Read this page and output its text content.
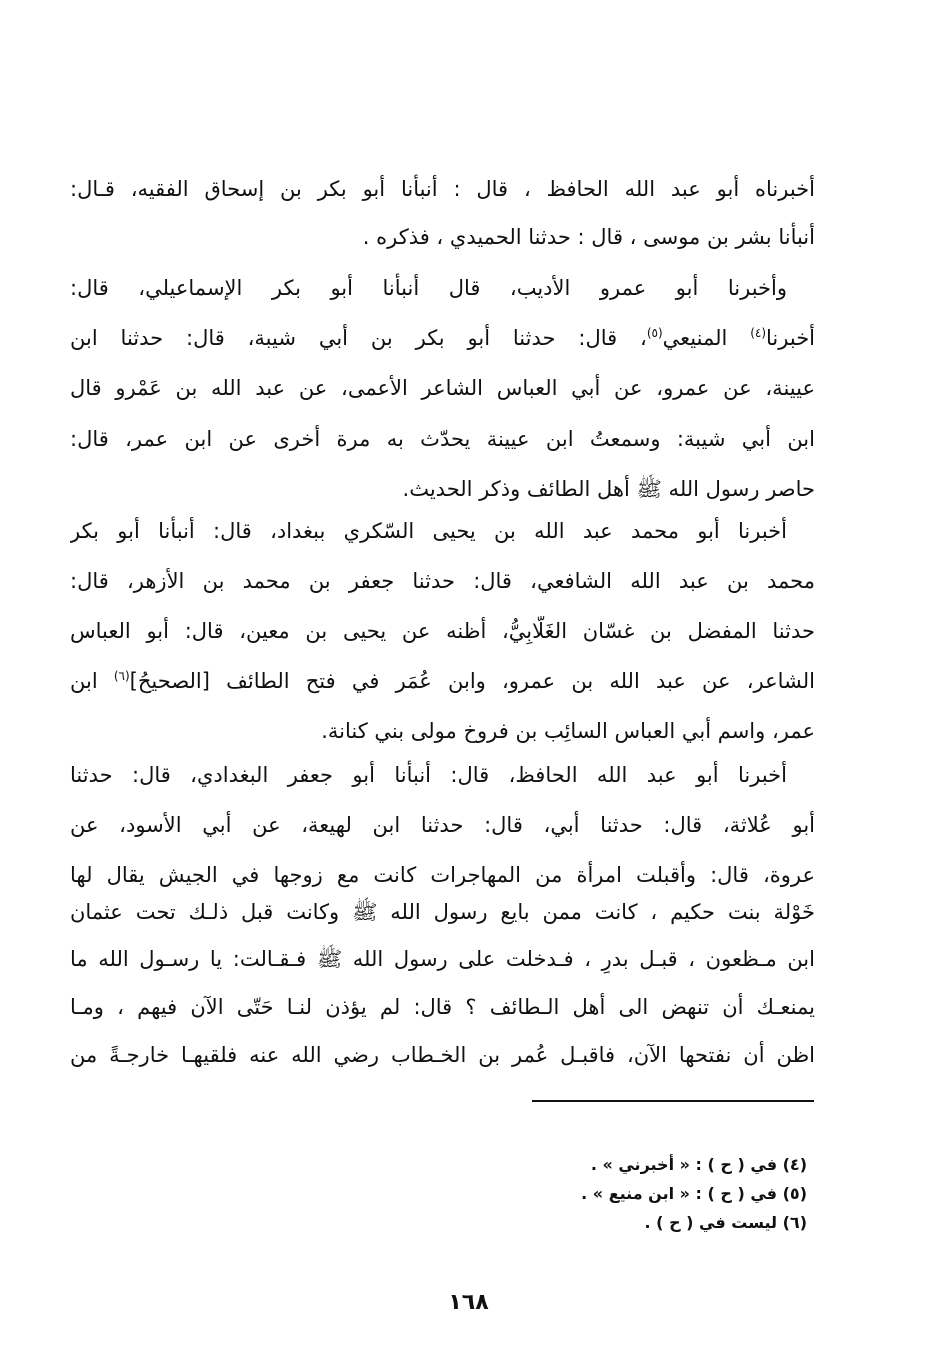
أخبرناه أبو عبد الله الحافظ ، قال : أنبأنا أبو بكر بن إسحاق الفقيه، قـال:
أنبأنا بشر بن موسى ، قال : حدثنا الحميدي ، فذكره .
وأخبرنا أبو عمرو الأديب، قال أنبأنا أبو بكر الإسماعيلي، قال:
أخبرنا$^{(٤)}$ المنيعي$^{(٥)}$، قال: حدثنا أبو بكر بن أبي شيبة، قال: حدثنا ابن
عيينة، عن عمرو، عن أبي العباس الشاعر الأعمى، عن عبد الله بن عَمْرو قال
ابن أبي شيبة: وسمعتُ ابن عيينة يحدّث به مرة أخرى عن ابن عمر، قال:
حاصر رسول الله ﷺ أهل الطائف وذكر الحديث.
أخبرنا أبو محمد عبد الله بن يحيى السّكري ببغداد، قال: أنبأنا أبو بكر
محمد بن عبد الله الشافعي، قال: حدثنا جعفر بن محمد بن الأزهر، قال:
حدثنا المفضل بن غسّان الغَلَّابِيُّ، أظنه عن يحيى بن معين، قال: أبو العباس
الشاعر، عن عبد الله بن عمرو، وابن عُمَر في فتح الطائف [الصحيحُ]$^{(٦)}$ ابن
عمر، واسم أبي العباس السائِب بن فروخ مولى بني كنانة.
أخبرنا أبو عبد الله الحافظ، قال: أنبأنا أبو جعفر البغدادي، قال: حدثنا
أبو عُلاثة، قال: حدثنا أبي، قال: حدثنا ابن لهيعة، عن أبي الأسود، عن
عروة، قال: وأقبلت امرأة من المهاجرات كانت مع زوجها في الجيش يقال لها
خَوْلة بنت حكيم ، كانت ممن بايع رسول الله ﷺ وكانت قبل ذلـك تحت عثمان
ابن مـظعون ، قبـل بدرٍ ، فـدخلت على رسول الله ﷺ فـقـالت: يا رسـول الله ما
يمنعـك أن تنهض الى أهل الـطائف ؟ قال: لم يؤذن لنـا حَتّى الآن فيهم ، ومـا
اظن أن نفتحها الآن، فاقبـل عُمر بن الخـطاب رضي الله عنه فلقيهـا خارجـةً من
(٤) في ( ح ) : « أخبرني » .
(٥) في ( ح ) : « ابن منيع » .
(٦) ليست في ( ح ) .
١٦٨
